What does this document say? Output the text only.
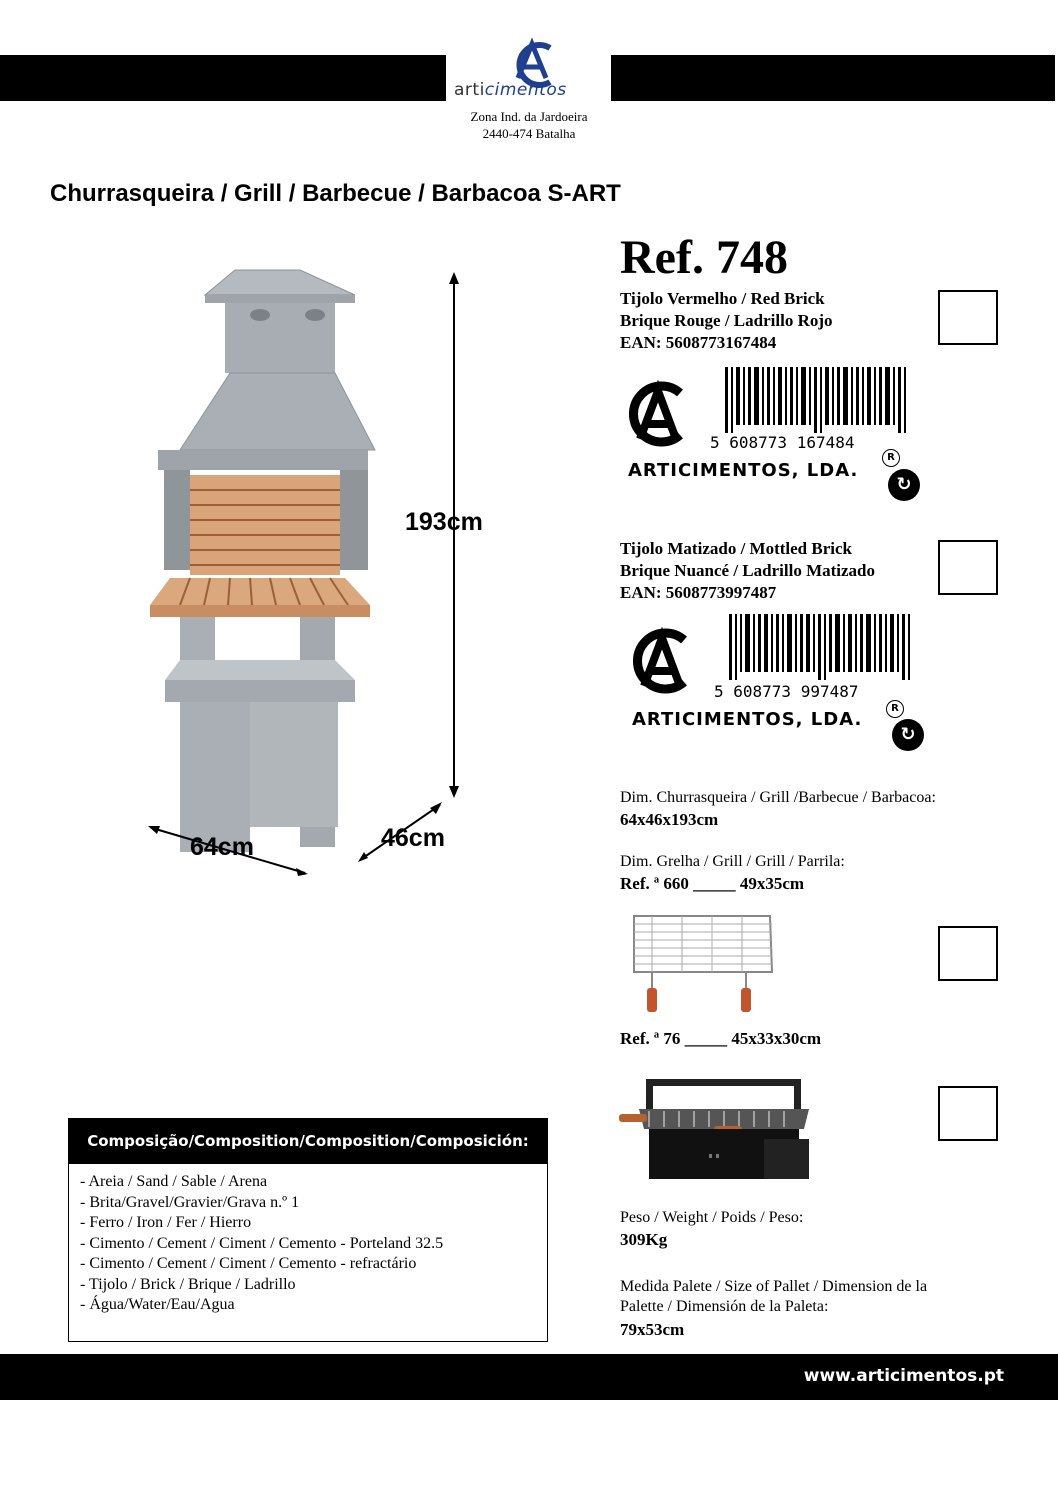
articimentos
Zona Ind. da Jardoeira
2440-474 Batalha
Churrasqueira / Grill / Barbecue / Barbacoa S-ART
193cm
64cm	46cm
Ref. 748
Tijolo Vermelho / Red Brick
Brique Rouge / Ladrillo Rojo
EAN: 5608773167484
5 608773 167484
ARTICIMENTOS, LDA.
R
↻
Tijolo Matizado / Mottled Brick
Brique Nuancé / Ladrillo Matizado
EAN: 5608773997487
5 608773 997487
ARTICIMENTOS, LDA.
R
↻
Dim. Churrasqueira / Grill /Barbecue / Barbacoa:
64x46x193cm
Dim. Grelha / Grill / Grill / Parrila:
Ref. ª 660 _____ 49x35cm
Ref. ª 76 _____ 45x33x30cm
Peso / Weight / Poids / Peso:
309Kg
Medida Palete / Size of Pallet / Dimension de la
Palette / Dimensión de la Paleta:
79x53cm
Composição/Composition/Composition/Composición:
- Areia / Sand / Sable / Arena
- Brita/Gravel/Gravier/Grava n.º 1
- Ferro / Iron / Fer / Hierro
- Cimento / Cement / Ciment / Cemento - Porteland 32.5
- Cimento / Cement / Ciment / Cemento - refractário
- Tijolo / Brick / Brique / Ladrillo
- Água/Water/Eau/Agua
www.articimentos.pt
